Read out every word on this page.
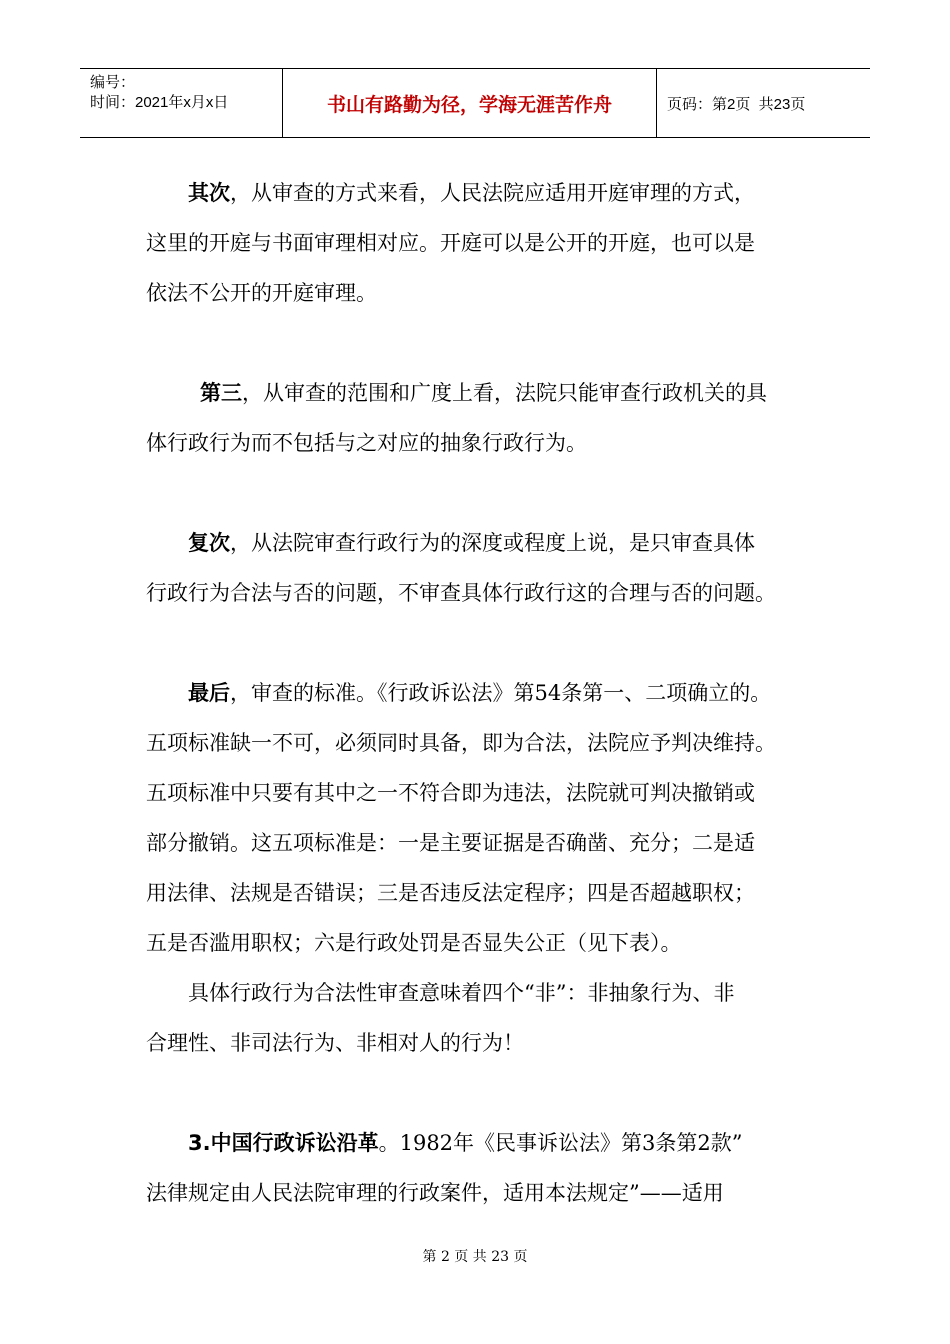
编号：
时间：2021年x月x日	书山有路勤为径，学海无涯苦作舟	页码：第2页  共23页
其次，从审查的方式来看，人民法院应适用开庭审理的方式，
这里的开庭与书面审理相对应。开庭可以是公开的开庭，也可以是
依法不公开的开庭审理。
第三，从审查的范围和广度上看，法院只能审查行政机关的具
体行政行为而不包括与之对应的抽象行政行为。
复次，从法院审查行政行为的深度或程度上说，是只审查具体
行政行为合法与否的问题，不审查具体行政行这的合理与否的问题。
最后，审查的标准。《行政诉讼法》第54条第一、二项确立的。
五项标准缺一不可，必须同时具备，即为合法，法院应予判决维持。
五项标准中只要有其中之一不符合即为违法，法院就可判决撤销或
部分撤销。这五项标准是：一是主要证据是否确凿、充分；二是适
用法律、法规是否错误；三是否违反法定程序；四是否超越职权；
五是否滥用职权；六是行政处罚是否显失公正（见下表）。
具体行政行为合法性审查意味着四个“非”：非抽象行为、非
合理性、非司法行为、非相对人的行为！
3.中国行政诉讼沿革。1982年《民事诉讼法》第3条第2款”
法律规定由人民法院审理的行政案件，适用本法规定”——适用
第 2 页 共 23 页
